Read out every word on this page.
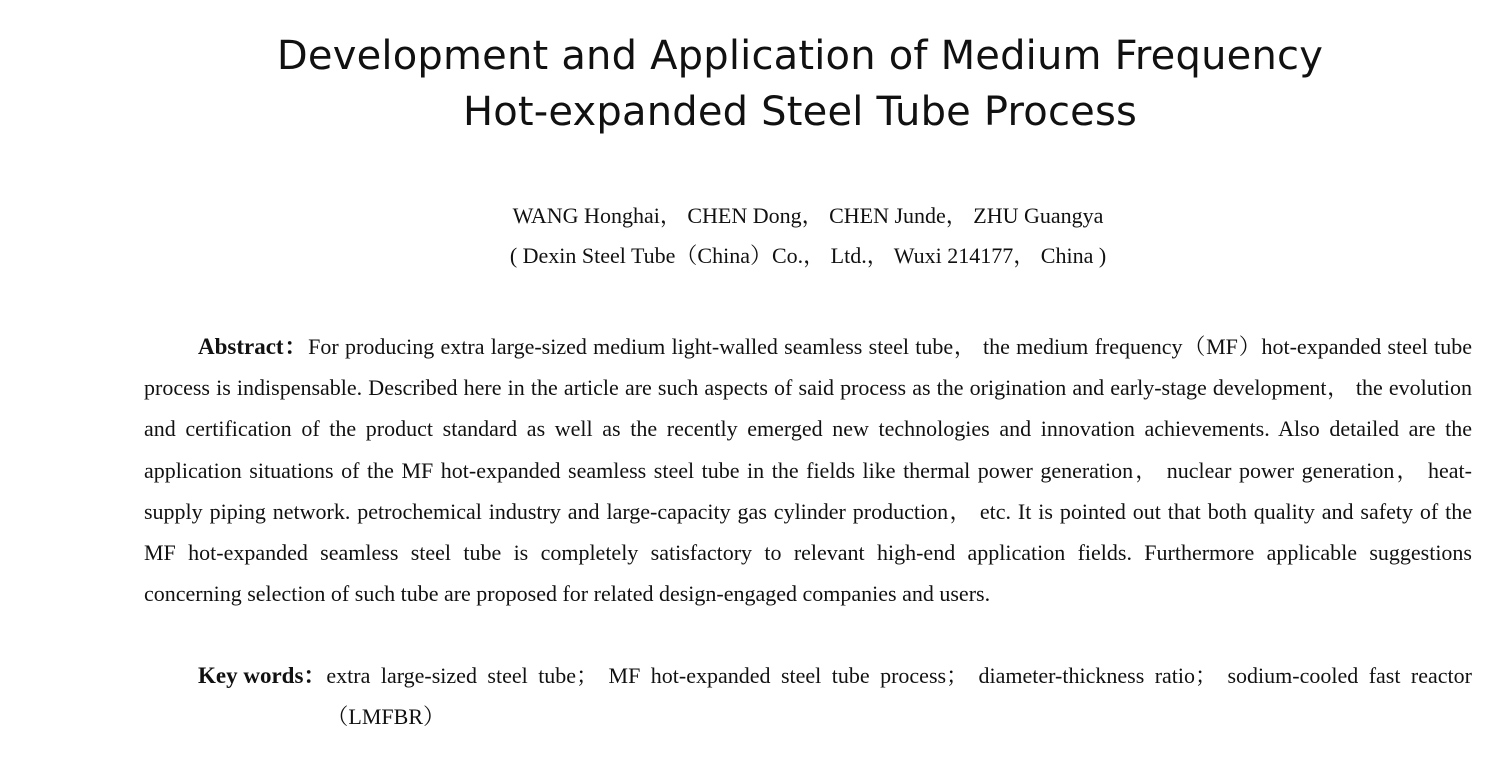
Development and Application of Medium Frequency
Hot-expanded Steel Tube Process
WANG Honghai， CHEN Dong， CHEN Junde， ZHU Guangya
( Dexin Steel Tube（China）Co.， Ltd.， Wuxi 214177， China )

Abstract：For producing extra large-sized medium light-walled seamless steel tube， the medium frequency（MF）hot-expanded steel tube process is indispensable. Described here in the article are such aspects of said process as the origination and early-stage development， the evolution and certification of the product standard as well as the recently emerged new technologies and innovation achievements. Also detailed are the application situations of the MF hot-expanded seamless steel tube in the fields like thermal power generation， nuclear power generation， heat-supply piping network. petrochemical industry and large-capacity gas cylinder production， etc. It is pointed out that both quality and safety of the MF hot-expanded seamless steel tube is completely satisfactory to relevant high-end application fields. Furthermore applicable suggestions concerning selection of such tube are proposed for related design-engaged companies and users.

Key words： extra large-sized steel tube； MF hot-expanded steel tube process； diameter-thickness ratio； sodium-cooled fast reactor（LMFBR）
